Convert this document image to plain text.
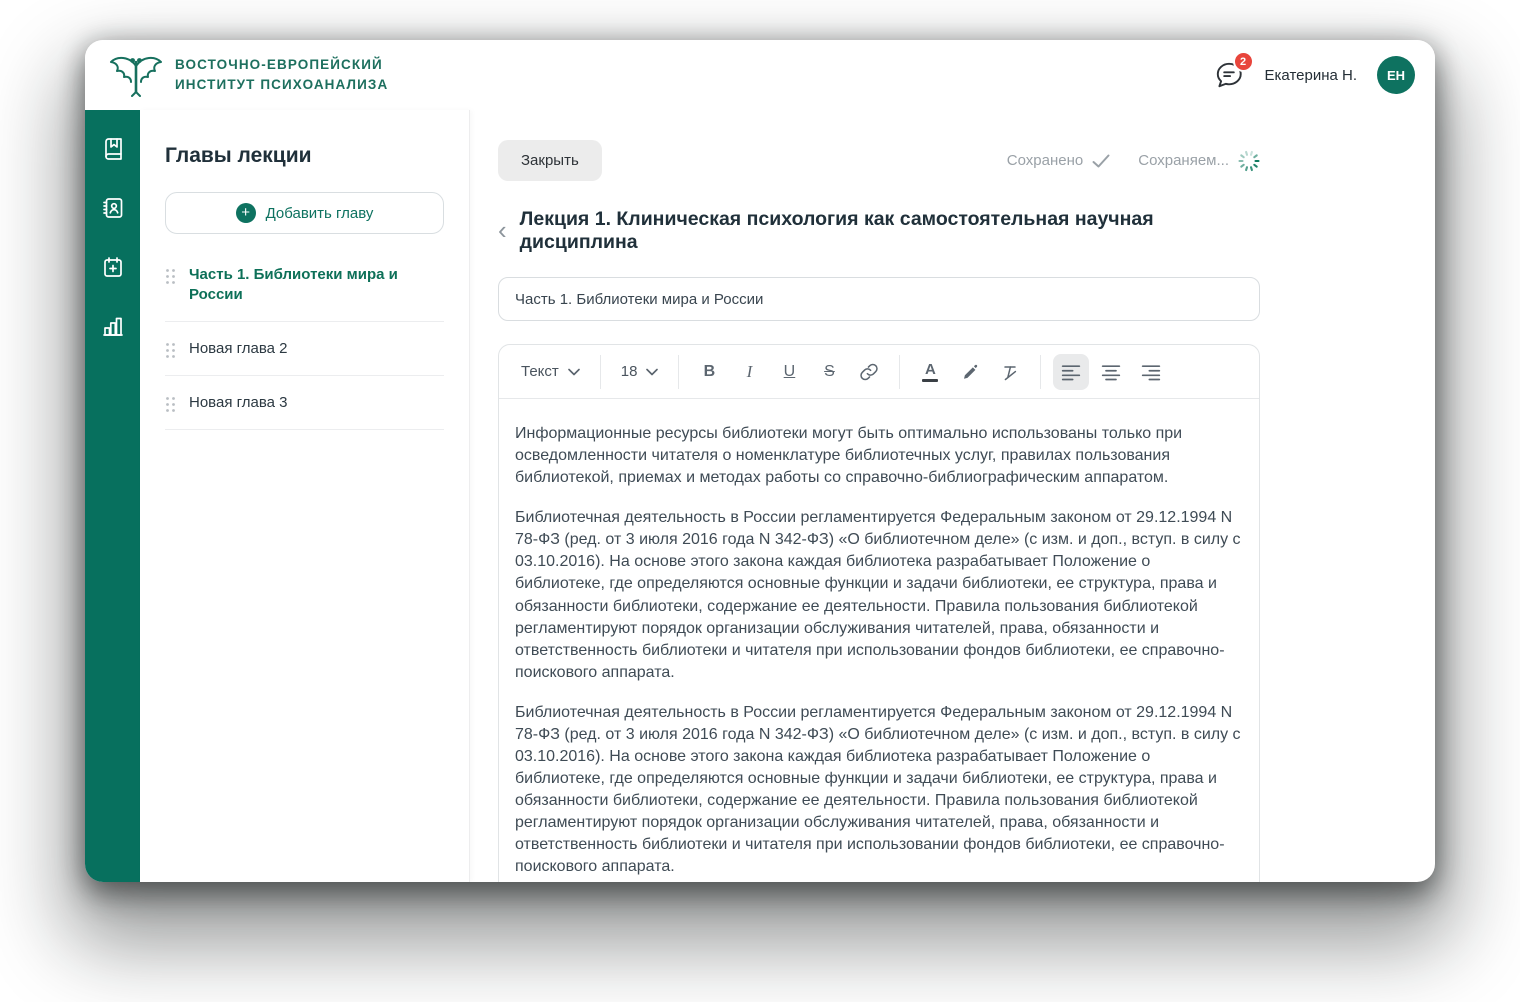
ВОСТОЧНО-ЕВРОПЕЙСКИЙ
ИНСТИТУТ ПСИХОАНАЛИЗА
2
Екатерина Н.	ЕН
Главы лекции
+	Добавить главу
Часть 1. Библиотеки мира и России
Новая глава 2
Новая глава 3
Закрыть	Сохранено	Сохраняем...
‹ Лекция 1. Клиническая психология как самостоятельная научная дисциплина
Часть 1. Библиотеки мира и России
Текст	18	B	I	U	S	A

Информационные ресурсы библиотеки могут быть оптимально использованы только при осведомленности читателя о номенклатуре библиотечных услуг, правилах пользования библиотекой, приемах и методах работы со справочно-библиографическим аппаратом.

Библиотечная деятельность в России регламентируется Федеральным законом от 29.12.1994 N 78-ФЗ (ред. от 3 июля 2016 года N 342-ФЗ) «О библиотечном деле» (с изм. и доп., вступ. в силу с 03.10.2016). На основе этого закона каждая библиотека разрабатывает Положение о библиотеке, где определяются основные функции и задачи библиотеки, ее структура, права и обязанности библиотеки, содержание ее деятельности. Правила пользования библиотекой регламентируют порядок организации обслуживания читателей, права, обязанности и ответственность библиотеки и читателя при использовании фондов библиотеки, ее справочно-поискового аппарата.

Библиотечная деятельность в России регламентируется Федеральным законом от 29.12.1994 N 78-ФЗ (ред. от 3 июля 2016 года N 342-ФЗ) «О библиотечном деле» (с изм. и доп., вступ. в силу с 03.10.2016). На основе этого закона каждая библиотека разрабатывает Положение о библиотеке, где определяются основные функции и задачи библиотеки, ее структура, права и обязанности библиотеки, содержание ее деятельности. Правила пользования библиотекой регламентируют порядок организации обслуживания читателей, права, обязанности и ответственность библиотеки и читателя при использовании фондов библиотеки, ее справочно-поискового аппарата.
